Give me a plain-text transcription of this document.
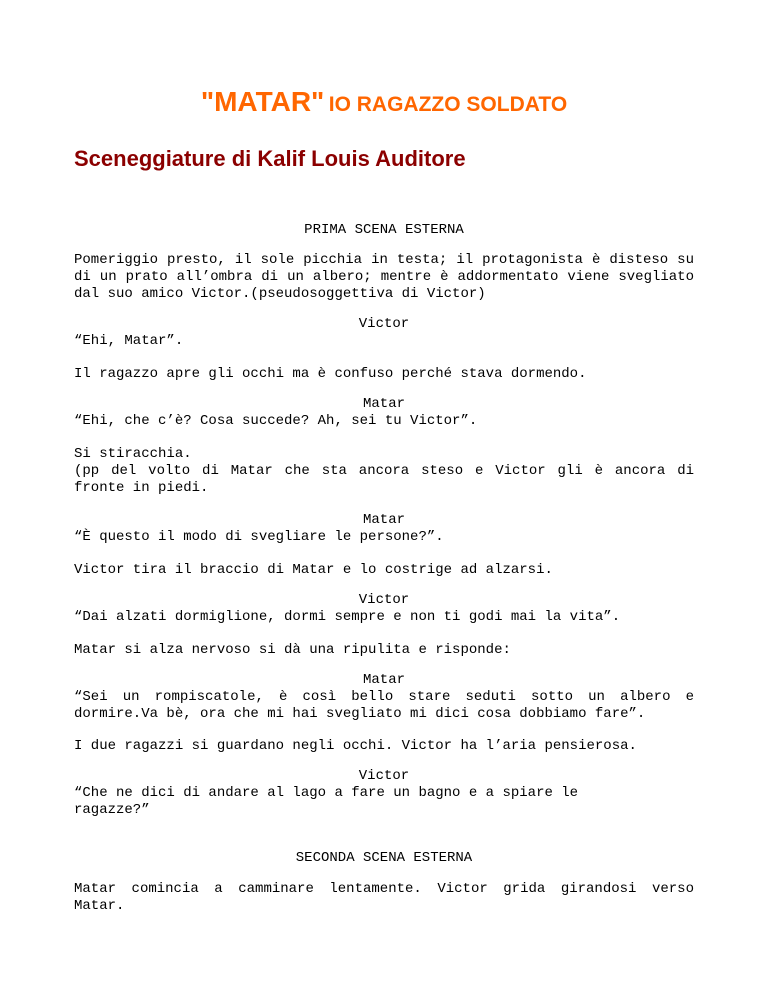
"MATAR" IO RAGAZZO SOLDATO
Sceneggiature di Kalif Louis Auditore
PRIMA SCENA ESTERNA
Pomeriggio presto, il sole picchia in testa; il protagonista è disteso su di un prato all’ombra di un albero; mentre è addormentato viene svegliato dal suo amico Victor.(pseudosoggettiva di Victor)
Victor
“Ehi, Matar”.
Il ragazzo apre gli occhi ma è confuso perché stava dormendo.
Matar
“Ehi, che c’è? Cosa succede? Ah, sei tu Victor”.
Si stiracchia.
(pp del volto di Matar che sta ancora steso e Victor gli è ancora di fronte in piedi.
Matar
“È questo il modo di svegliare le persone?”.
Victor tira il braccio di Matar e lo costrige ad alzarsi.
Victor
“Dai alzati dormiglione, dormi sempre e non ti godi mai la vita”.
Matar si alza nervoso si dà una ripulita e risponde:
Matar
“Sei un rompiscatole, è così bello stare seduti sotto un albero e dormire.Va bè, ora che mi hai svegliato mi dici cosa dobbiamo fare”.
I due ragazzi si guardano negli occhi. Victor ha l’aria pensierosa.
Victor
“Che ne dici di andare al lago a fare un bagno e a spiare le ragazze?”
SECONDA SCENA ESTERNA
Matar comincia a camminare lentamente. Victor grida girandosi verso Matar.
